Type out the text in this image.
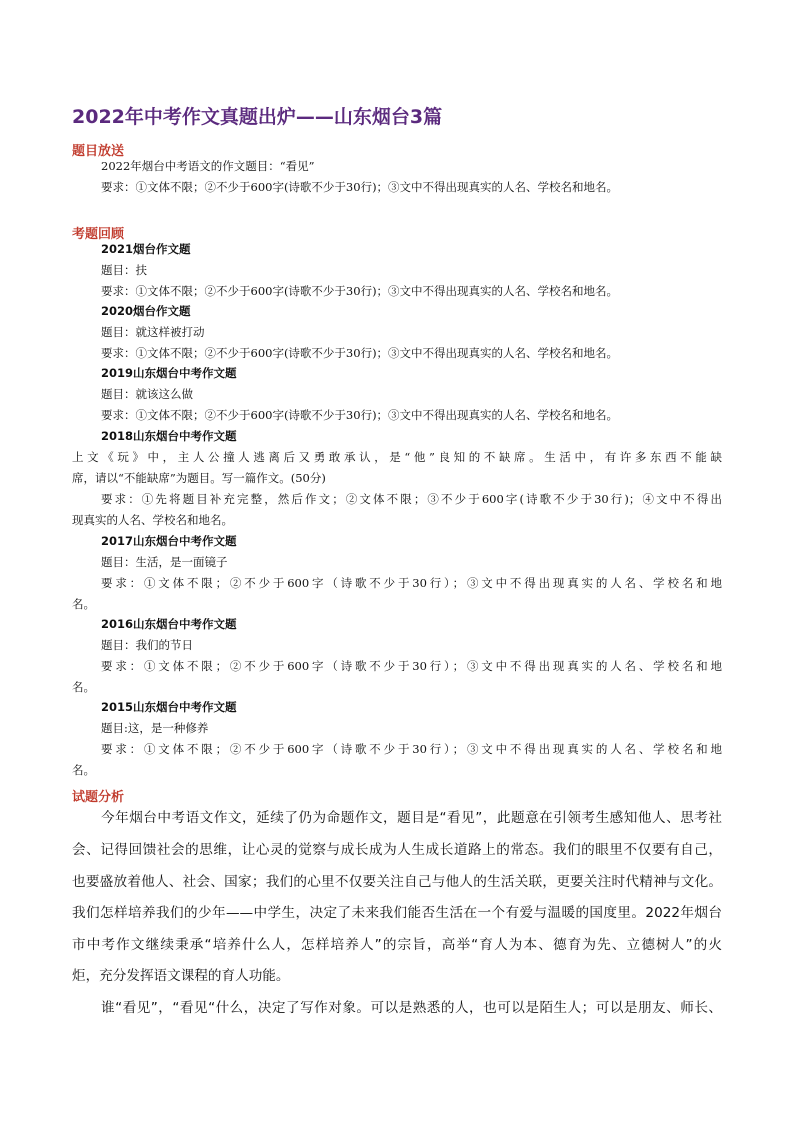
2022年中考作文真题出炉——山东烟台3篇
题目放送
2022年烟台中考语文的作文题目：“看见”
要求：①文体不限；②不少于600字(诗歌不少于30行)；③文中不得出现真实的人名、学校名和地名。
考题回顾
2021烟台作文题
题目：扶
要求：①文体不限；②不少于600字(诗歌不少于30行)；③文中不得出现真实的人名、学校名和地名。
2020烟台作文题
题目：就这样被打动
要求：①文体不限；②不少于600字(诗歌不少于30行)；③文中不得出现真实的人名、学校名和地名。
2019山东烟台中考作文题
题目：就该这么做
要求：①文体不限；②不少于600字(诗歌不少于30行)；③文中不得出现真实的人名、学校名和地名。
2018山东烟台中考作文题
上文《玩》中，主人公撞人逃离后又勇敢承认，是“他”良知的不缺席。生活中，有许多东西不能缺
席，请以“不能缺席”为题目。写一篇作文。(50分)
要求：①先将题目补充完整，然后作文；②文体不限；③不少于600字(诗歌不少于30行)；④文中不得出
现真实的人名、学校名和地名。
2017山东烟台中考作文题
题目：生活，是一面镜子
要求：①文体不限；②不少于600字（诗歌不少于30行）；③文中不得出现真实的人名、学校名和地
名。
2016山东烟台中考作文题
题目：我们的节日
要求：①文体不限；②不少于600字（诗歌不少于30行）；③文中不得出现真实的人名、学校名和地
名。
2015山东烟台中考作文题
题目:这，是一种修养
要求：①文体不限；②不少于600字（诗歌不少于30行）；③文中不得出现真实的人名、学校名和地
名。
试题分析
今年烟台中考语文作文，延续了仍为命题作文，题目是“看见”，此题意在引领考生感知他人、思考社
会、记得回馈社会的思维，让心灵的觉察与成长成为人生成长道路上的常态。我们的眼里不仅要有自己，
也要盛放着他人、社会、国家；我们的心里不仅要关注自己与他人的生活关联，更要关注时代精神与文化。
我们怎样培养我们的少年——中学生，决定了未来我们能否生活在一个有爱与温暖的国度里。2022年烟台
市中考作文继续秉承“培养什么人，怎样培养人”的宗旨，高举“育人为本、德育为先、立德树人”的火
炬，充分发挥语文课程的育人功能。
谁“看见”，“看见“什么，决定了写作对象。可以是熟悉的人，也可以是陌生人；可以是朋友、师长、
